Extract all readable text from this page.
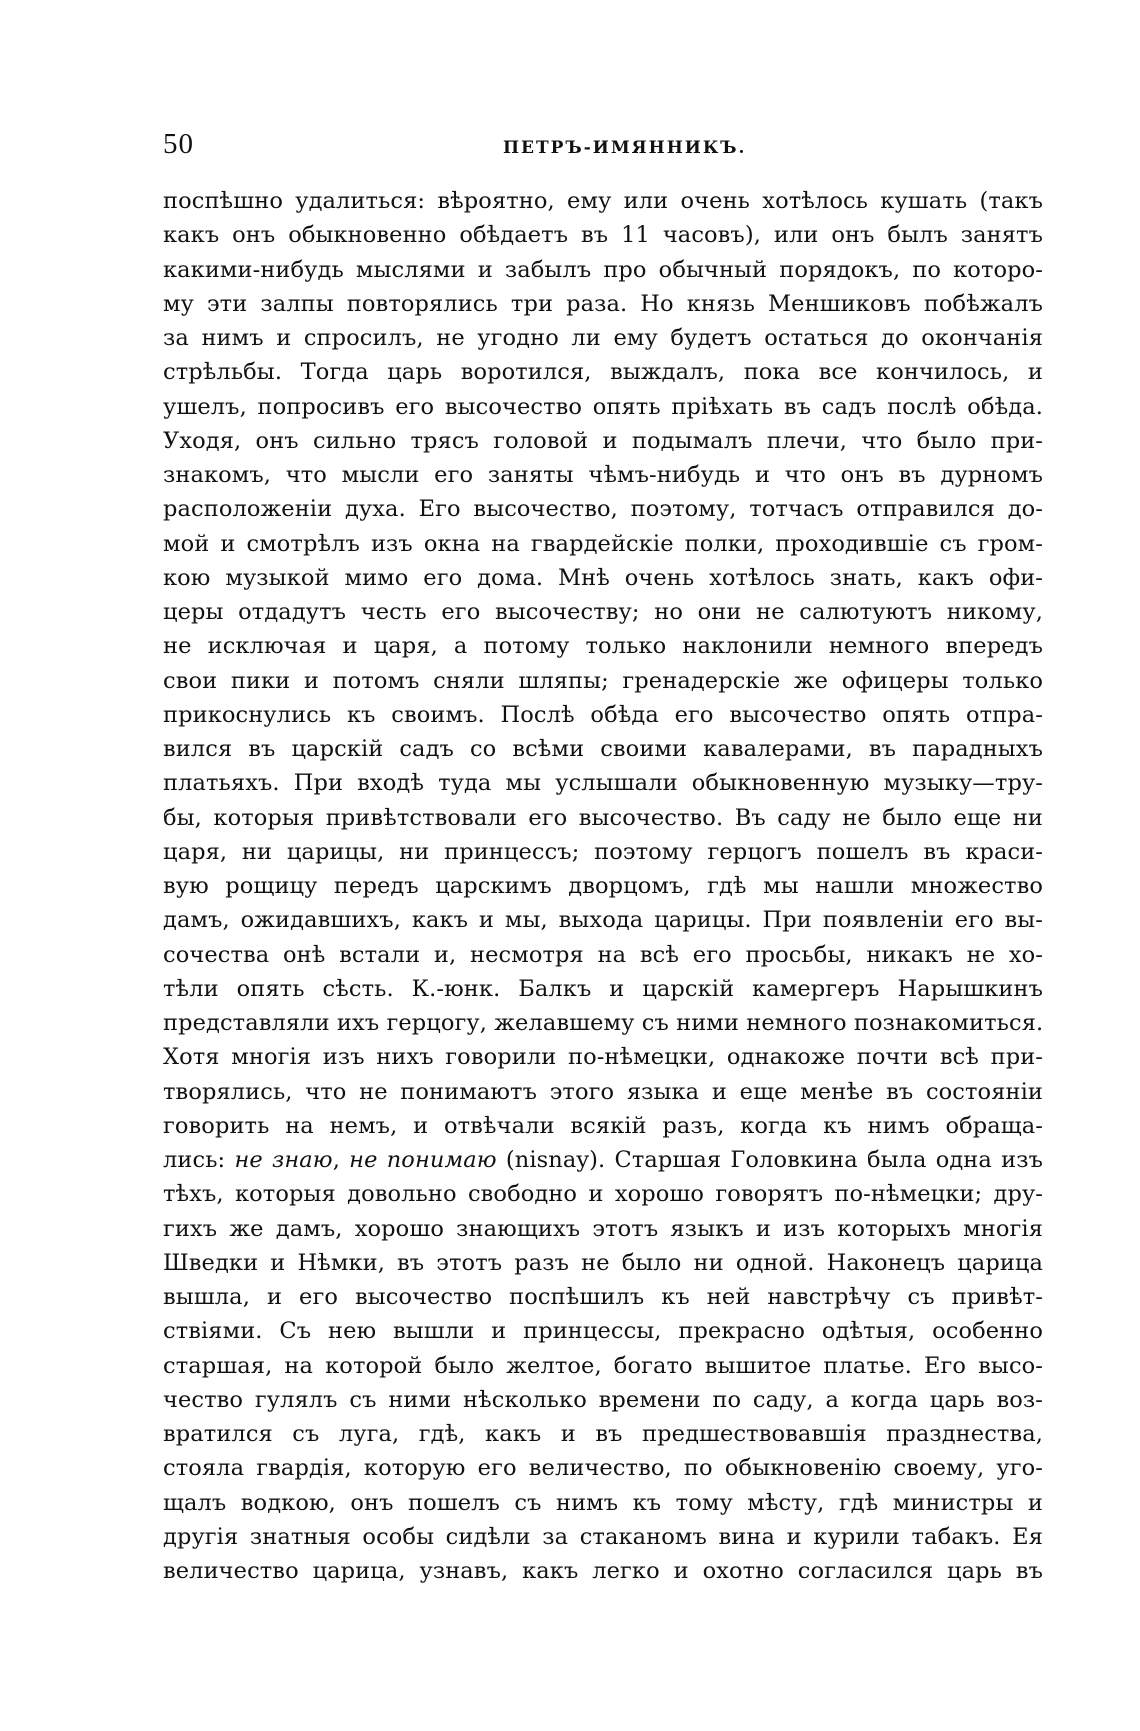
50	ПЕТРЪ-ИМЯННИКЪ.
поспѣшно удалиться: вѣроятно, ему или очень хотѣлось кушать (такъ
какъ онъ обыкновенно обѣдаетъ въ 11 часовъ), или онъ былъ занятъ
какими-нибудь мыслями и забылъ про обычный порядокъ, по которо-
му эти залпы повторялись три раза. Но князь Меншиковъ побѣжалъ
за нимъ и спросилъ, не угодно ли ему будетъ остаться до окончанія
стрѣльбы. Тогда царь воротился, выждалъ, пока все кончилось, и
ушелъ, попросивъ его высочество опять пріѣхать въ садъ послѣ обѣда.
Уходя, онъ сильно трясъ головой и подымалъ плечи, что было при-
знакомъ, что мысли его заняты чѣмъ-нибудь и что онъ въ дурномъ
расположеніи духа. Его высочество, поэтому, тотчасъ отправился до-
мой и смотрѣлъ изъ окна на гвардейскіе полки, проходившіе съ гром-
кою музыкой мимо его дома. Мнѣ очень хотѣлось знать, какъ офи-
церы отдадутъ честь его высочеству; но они не салютуютъ никому,
не исключая и царя, а потому только наклонили немного впередъ
свои пики и потомъ сняли шляпы; гренадерскіе же офицеры только
прикоснулись къ своимъ. Послѣ обѣда его высочество опять отпра-
вился въ царскій садъ со всѣми своими кавалерами, въ парадныхъ
платьяхъ. При входѣ туда мы услышали обыкновенную музыку—тру-
бы, которыя привѣтствовали его высочество. Въ саду не было еще ни
царя, ни царицы, ни принцессъ; поэтому герцогъ пошелъ въ краси-
вую рощицу передъ царскимъ дворцомъ, гдѣ мы нашли множество
дамъ, ожидавшихъ, какъ и мы, выхода царицы. При появленіи его вы-
сочества онѣ встали и, несмотря на всѣ его просьбы, никакъ не хо-
тѣли опять сѣсть. К.-юнк. Балкъ и царскій камергеръ Нарышкинъ
представляли ихъ герцогу, желавшему съ ними немного познакомиться.
Хотя многія изъ нихъ говорили по-нѣмецки, однакоже почти всѣ при-
творялись, что не понимаютъ этого языка и еще менѣе въ состояніи
говорить на немъ, и отвѣчали всякій разъ, когда къ нимъ обраща-
лись: не знаю, не понимаю (nisnay). Старшая Головкина была одна изъ
тѣхъ, которыя довольно свободно и хорошо говорятъ по-нѣмецки; дру-
гихъ же дамъ, хорошо знающихъ этотъ языкъ и изъ которыхъ многія
Шведки и Нѣмки, въ этотъ разъ не было ни одной. Наконецъ царица
вышла, и его высочество поспѣшилъ къ ней навстрѣчу съ привѣт-
ствіями. Съ нею вышли и принцессы, прекрасно одѣтыя, особенно
старшая, на которой было желтое, богато вышитое платье. Его высо-
чество гулялъ съ ними нѣсколько времени по саду, а когда царь воз-
вратился съ луга, гдѣ, какъ и въ предшествовавшія празднества,
стояла гвардія, которую его величество, по обыкновенію своему, уго-
щалъ водкою, онъ пошелъ съ нимъ къ тому мѣсту, гдѣ министры и
другія знатныя особы сидѣли за стаканомъ вина и курили табакъ. Ея
величество царица, узнавъ, какъ легко и охотно согласился царь въ
